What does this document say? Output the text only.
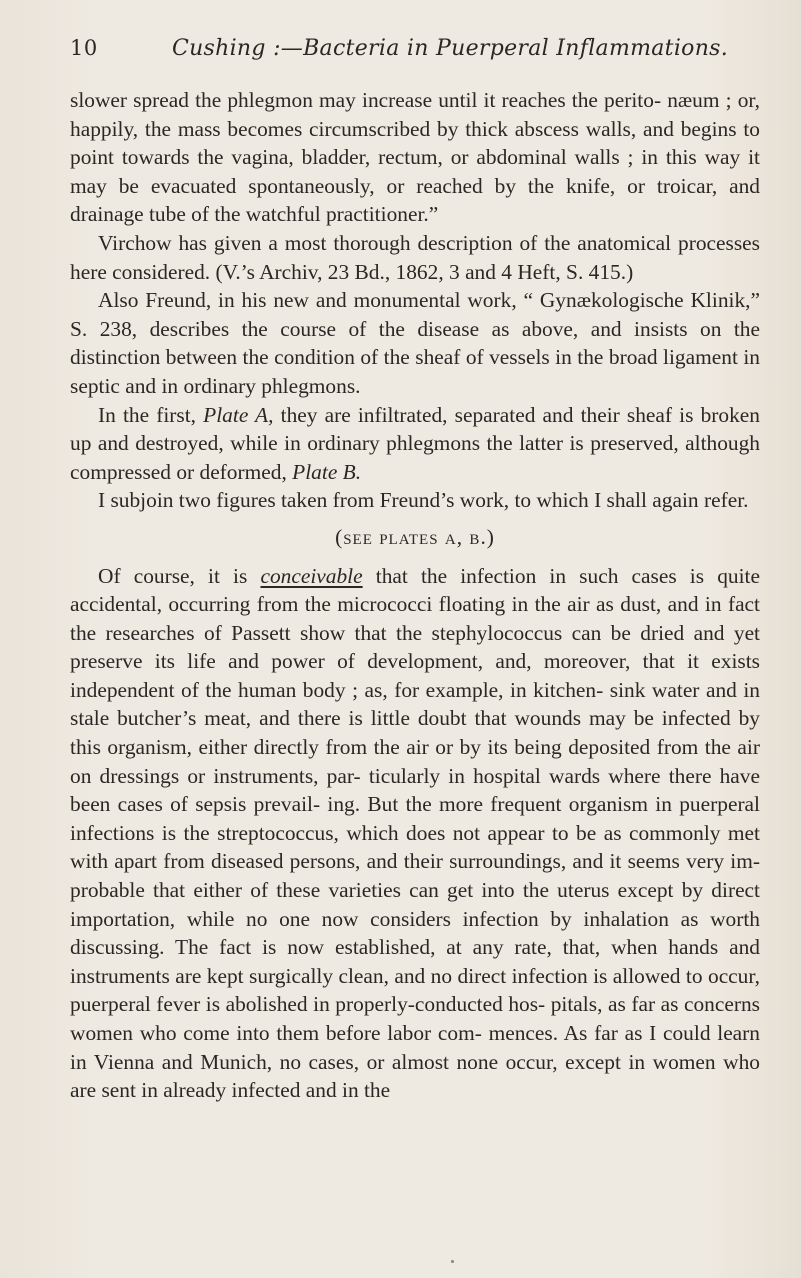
10	Cushing :—Bacteria in Puerperal Inflammations.

slower spread the phlegmon may increase until it reaches the perito- næum ; or, happily, the mass becomes circumscribed by thick abscess walls, and begins to point towards the vagina, bladder, rectum, or abdominal walls ; in this way it may be evacuated spontaneously, or reached by the knife, or troicar, and drainage tube of the watchful practitioner.”

Virchow has given a most thorough description of the anatomical processes here considered. (V.’s Archiv, 23 Bd., 1862, 3 and 4 Heft, S. 415.)

Also Freund, in his new and monumental work, “ Gynækologische Klinik,” S. 238, describes the course of the disease as above, and insists on the distinction between the condition of the sheaf of vessels in the broad ligament in septic and in ordinary phlegmons.

In the first, Plate A, they are infiltrated, separated and their sheaf is broken up and destroyed, while in ordinary phlegmons the latter is preserved, although compressed or deformed, Plate B.

I subjoin two figures taken from Freund’s work, to which I shall again refer.

(see plates a, b.)

Of course, it is conceivable that the infection in such cases is quite accidental, occurring from the micrococci floating in the air as dust, and in fact the researches of Passett show that the stephylococcus can be dried and yet preserve its life and power of development, and, moreover, that it exists independent of the human body ; as, for example, in kitchen- sink water and in stale butcher’s meat, and there is little doubt that wounds may be infected by this organism, either directly from the air or by its being deposited from the air on dressings or instruments, par- ticularly in hospital wards where there have been cases of sepsis prevail- ing. But the more frequent organism in puerperal infections is the streptococcus, which does not appear to be as commonly met with apart from diseased persons, and their surroundings, and it seems very im- probable that either of these varieties can get into the uterus except by direct importation, while no one now considers infection by inhalation as worth discussing. The fact is now established, at any rate, that, when hands and instruments are kept surgically clean, and no direct infection is allowed to occur, puerperal fever is abolished in properly-conducted hos- pitals, as far as concerns women who come into them before labor com- mences. As far as I could learn in Vienna and Munich, no cases, or almost none occur, except in women who are sent in already infected and in the
